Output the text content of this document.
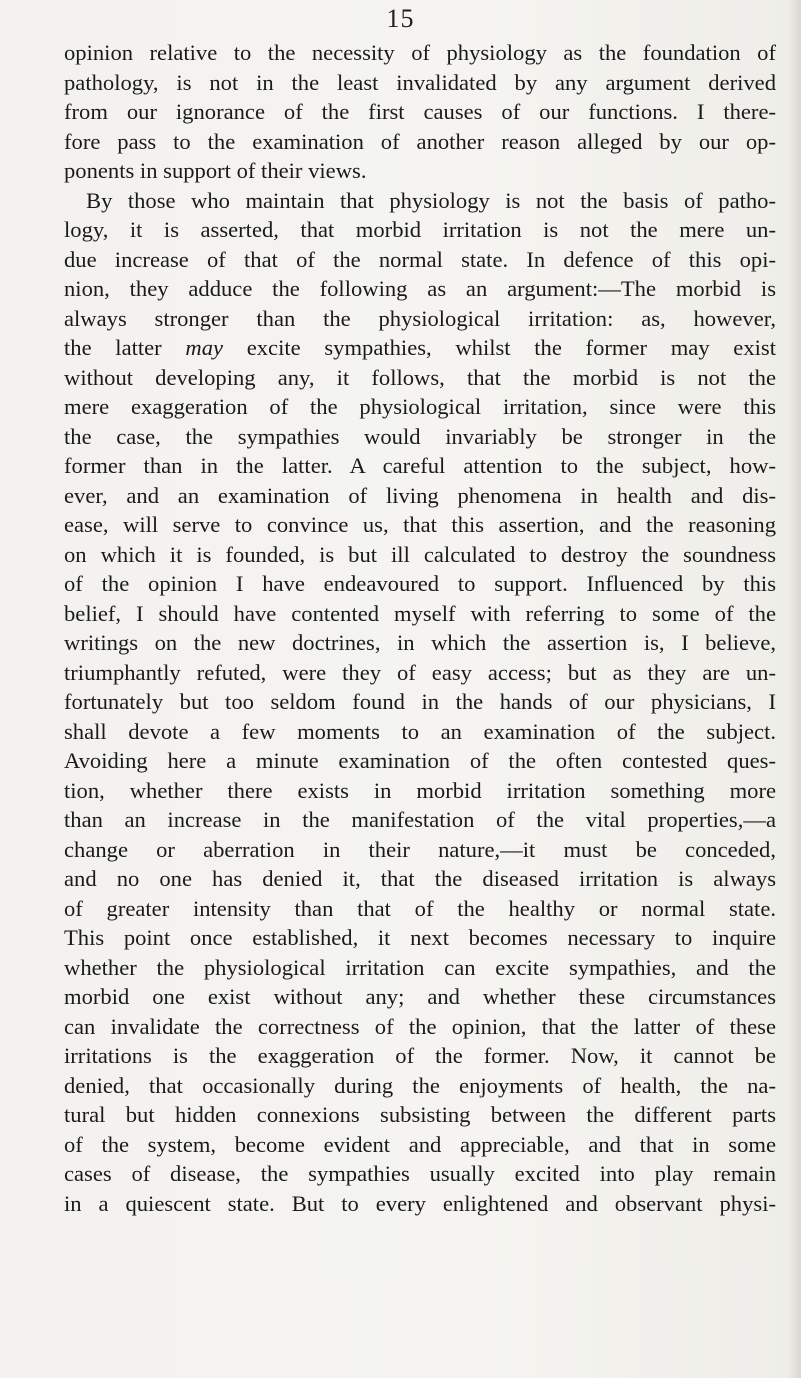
15
opinion relative to the necessity of physiology as the foundation of
pathology, is not in the least invalidated by any argument derived
from our ignorance of the first causes of our functions. I there-
fore pass to the examination of another reason alleged by our op-
ponents in support of their views.
By those who maintain that physiology is not the basis of patho-
logy, it is asserted, that morbid irritation is not the mere un-
due increase of that of the normal state. In defence of this opi-
nion, they adduce the following as an argument:—The morbid is
always stronger than the physiological irritation: as, however,
the latter may excite sympathies, whilst the former may exist
without developing any, it follows, that the morbid is not the
mere exaggeration of the physiological irritation, since were this
the case, the sympathies would invariably be stronger in the
former than in the latter. A careful attention to the subject, how-
ever, and an examination of living phenomena in health and dis-
ease, will serve to convince us, that this assertion, and the reasoning
on which it is founded, is but ill calculated to destroy the soundness
of the opinion I have endeavoured to support. Influenced by this
belief, I should have contented myself with referring to some of the
writings on the new doctrines, in which the assertion is, I believe,
triumphantly refuted, were they of easy access; but as they are un-
fortunately but too seldom found in the hands of our physicians, I
shall devote a few moments to an examination of the subject.
Avoiding here a minute examination of the often contested ques-
tion, whether there exists in morbid irritation something more
than an increase in the manifestation of the vital properties,—a
change or aberration in their nature,—it must be conceded,
and no one has denied it, that the diseased irritation is always
of greater intensity than that of the healthy or normal state.
This point once established, it next becomes necessary to inquire
whether the physiological irritation can excite sympathies, and the
morbid one exist without any; and whether these circumstances
can invalidate the correctness of the opinion, that the latter of these
irritations is the exaggeration of the former. Now, it cannot be
denied, that occasionally during the enjoyments of health, the na-
tural but hidden connexions subsisting between the different parts
of the system, become evident and appreciable, and that in some
cases of disease, the sympathies usually excited into play remain
in a quiescent state. But to every enlightened and observant physi-
